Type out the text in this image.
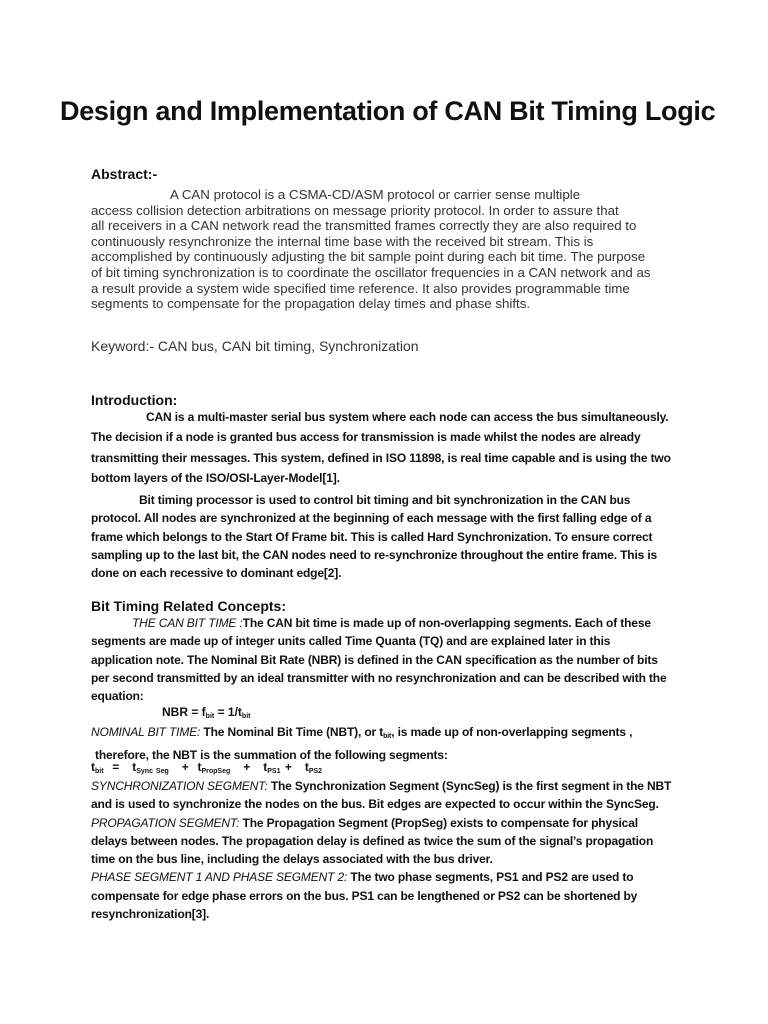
Design and Implementation of CAN Bit Timing Logic
Abstract:-
A CAN protocol is a CSMA-CD/ASM protocol or carrier sense multiple
access collision detection arbitrations on message priority protocol. In order to assure that
all receivers in a CAN network read the transmitted frames correctly they are also required to
continuously resynchronize the internal time base with the received bit stream. This is
accomplished by continuously adjusting the bit sample point during each bit time. The purpose
of bit timing synchronization is to coordinate the oscillator frequencies in a CAN network and as
a result provide a system wide specified time reference. It also provides programmable time
segments to compensate for the propagation delay times and phase shifts.
Keyword:- CAN bus, CAN bit timing, Synchronization
Introduction:
CAN is a multi-master serial bus system where each node can access the bus simultaneously.
The decision if a node is granted bus access for transmission is made whilst the nodes are already
transmitting their messages. This system, defined in ISO 11898, is real time capable and is using the two
bottom layers of the ISO/OSI-Layer-Model[1].
Bit timing processor is used to control bit timing and bit synchronization in the CAN bus
protocol. All nodes are synchronized at the beginning of each message with the first falling edge of a
frame which belongs to the Start Of Frame bit. This is called Hard Synchronization. To ensure correct
sampling up to the last bit, the CAN nodes need to re-synchronize throughout the entire frame. This is
done on each recessive to dominant edge[2].
Bit Timing Related Concepts:
THE CAN BIT TIME :The CAN bit time is made up of non-overlapping segments. Each of these
segments are made up of integer units called Time Quanta (TQ) and are explained later in this
application note. The Nominal Bit Rate (NBR) is defined in the CAN specification as the number of bits
per second transmitted by an ideal transmitter with no resynchronization and can be described with the
equation:
NBR = $f_{bit} = 1/t_{bit}$
NOMINAL BIT TIME: The Nominal Bit Time (NBT), or $t_{bit}$, is made up of non-overlapping segments ,
therefore, the NBT is the summation of the following segments:
$t_{bit} = t_{Sync Seg} + t_{PropSeg} + t_{PS1} + t_{PS2}$
SYNCHRONIZATION SEGMENT: The Synchronization Segment (SyncSeg) is the first segment in the NBT
and is used to synchronize the nodes on the bus. Bit edges are expected to occur within the SyncSeg.
PROPAGATION SEGMENT: The Propagation Segment (PropSeg) exists to compensate for physical
delays between nodes. The propagation delay is defined as twice the sum of the signal’s propagation
time on the bus line, including the delays associated with the bus driver.
PHASE SEGMENT 1 AND PHASE SEGMENT 2: The two phase segments, PS1 and PS2 are used to
compensate for edge phase errors on the bus. PS1 can be lengthened or PS2 can be shortened by
resynchronization[3].
